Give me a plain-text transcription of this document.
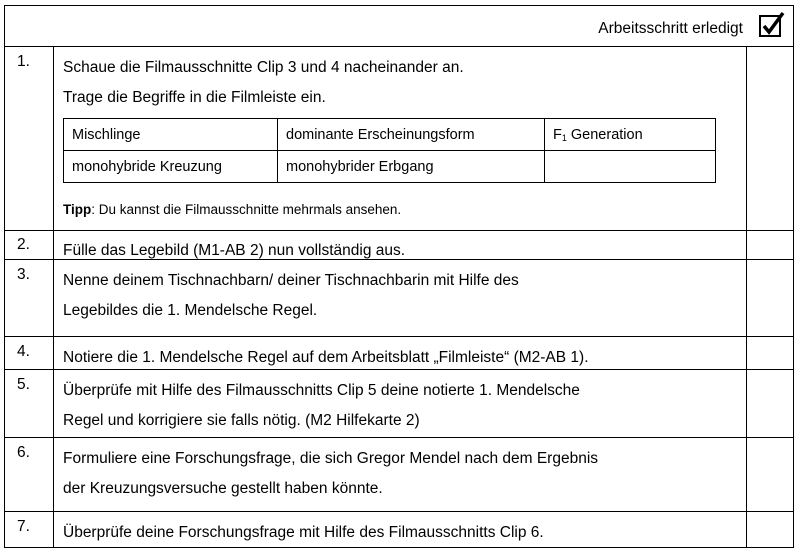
Arbeitsschritt erledigt
1.	Schaue die Filmausschnitte Clip 3 und 4 nacheinander an.
Trage die Begriffe in die Filmleiste ein.
Mischlinge	dominante Erscheinungsform	$F_1$ Generation
monohybride Kreuzung	monohybrider Erbgang	
Tipp: Du kannst die Filmausschnitte mehrmals ansehen.
2.	Fülle das Legebild (M1-AB 2) nun vollständig aus.
3.	Nenne deinem Tischnachbarn/ deiner Tischnachbarin mit Hilfe des
Legebildes die 1. Mendelsche Regel.
4.	Notiere die 1. Mendelsche Regel auf dem Arbeitsblatt „Filmleiste“ (M2-AB 1).
5.	Überprüfe mit Hilfe des Filmausschnitts Clip 5 deine notierte 1. Mendelsche
Regel und korrigiere sie falls nötig. (M2 Hilfekarte 2)
6.	Formuliere eine Forschungsfrage, die sich Gregor Mendel nach dem Ergebnis
der Kreuzungsversuche gestellt haben könnte.
7.	Überprüfe deine Forschungsfrage mit Hilfe des Filmausschnitts Clip 6.
